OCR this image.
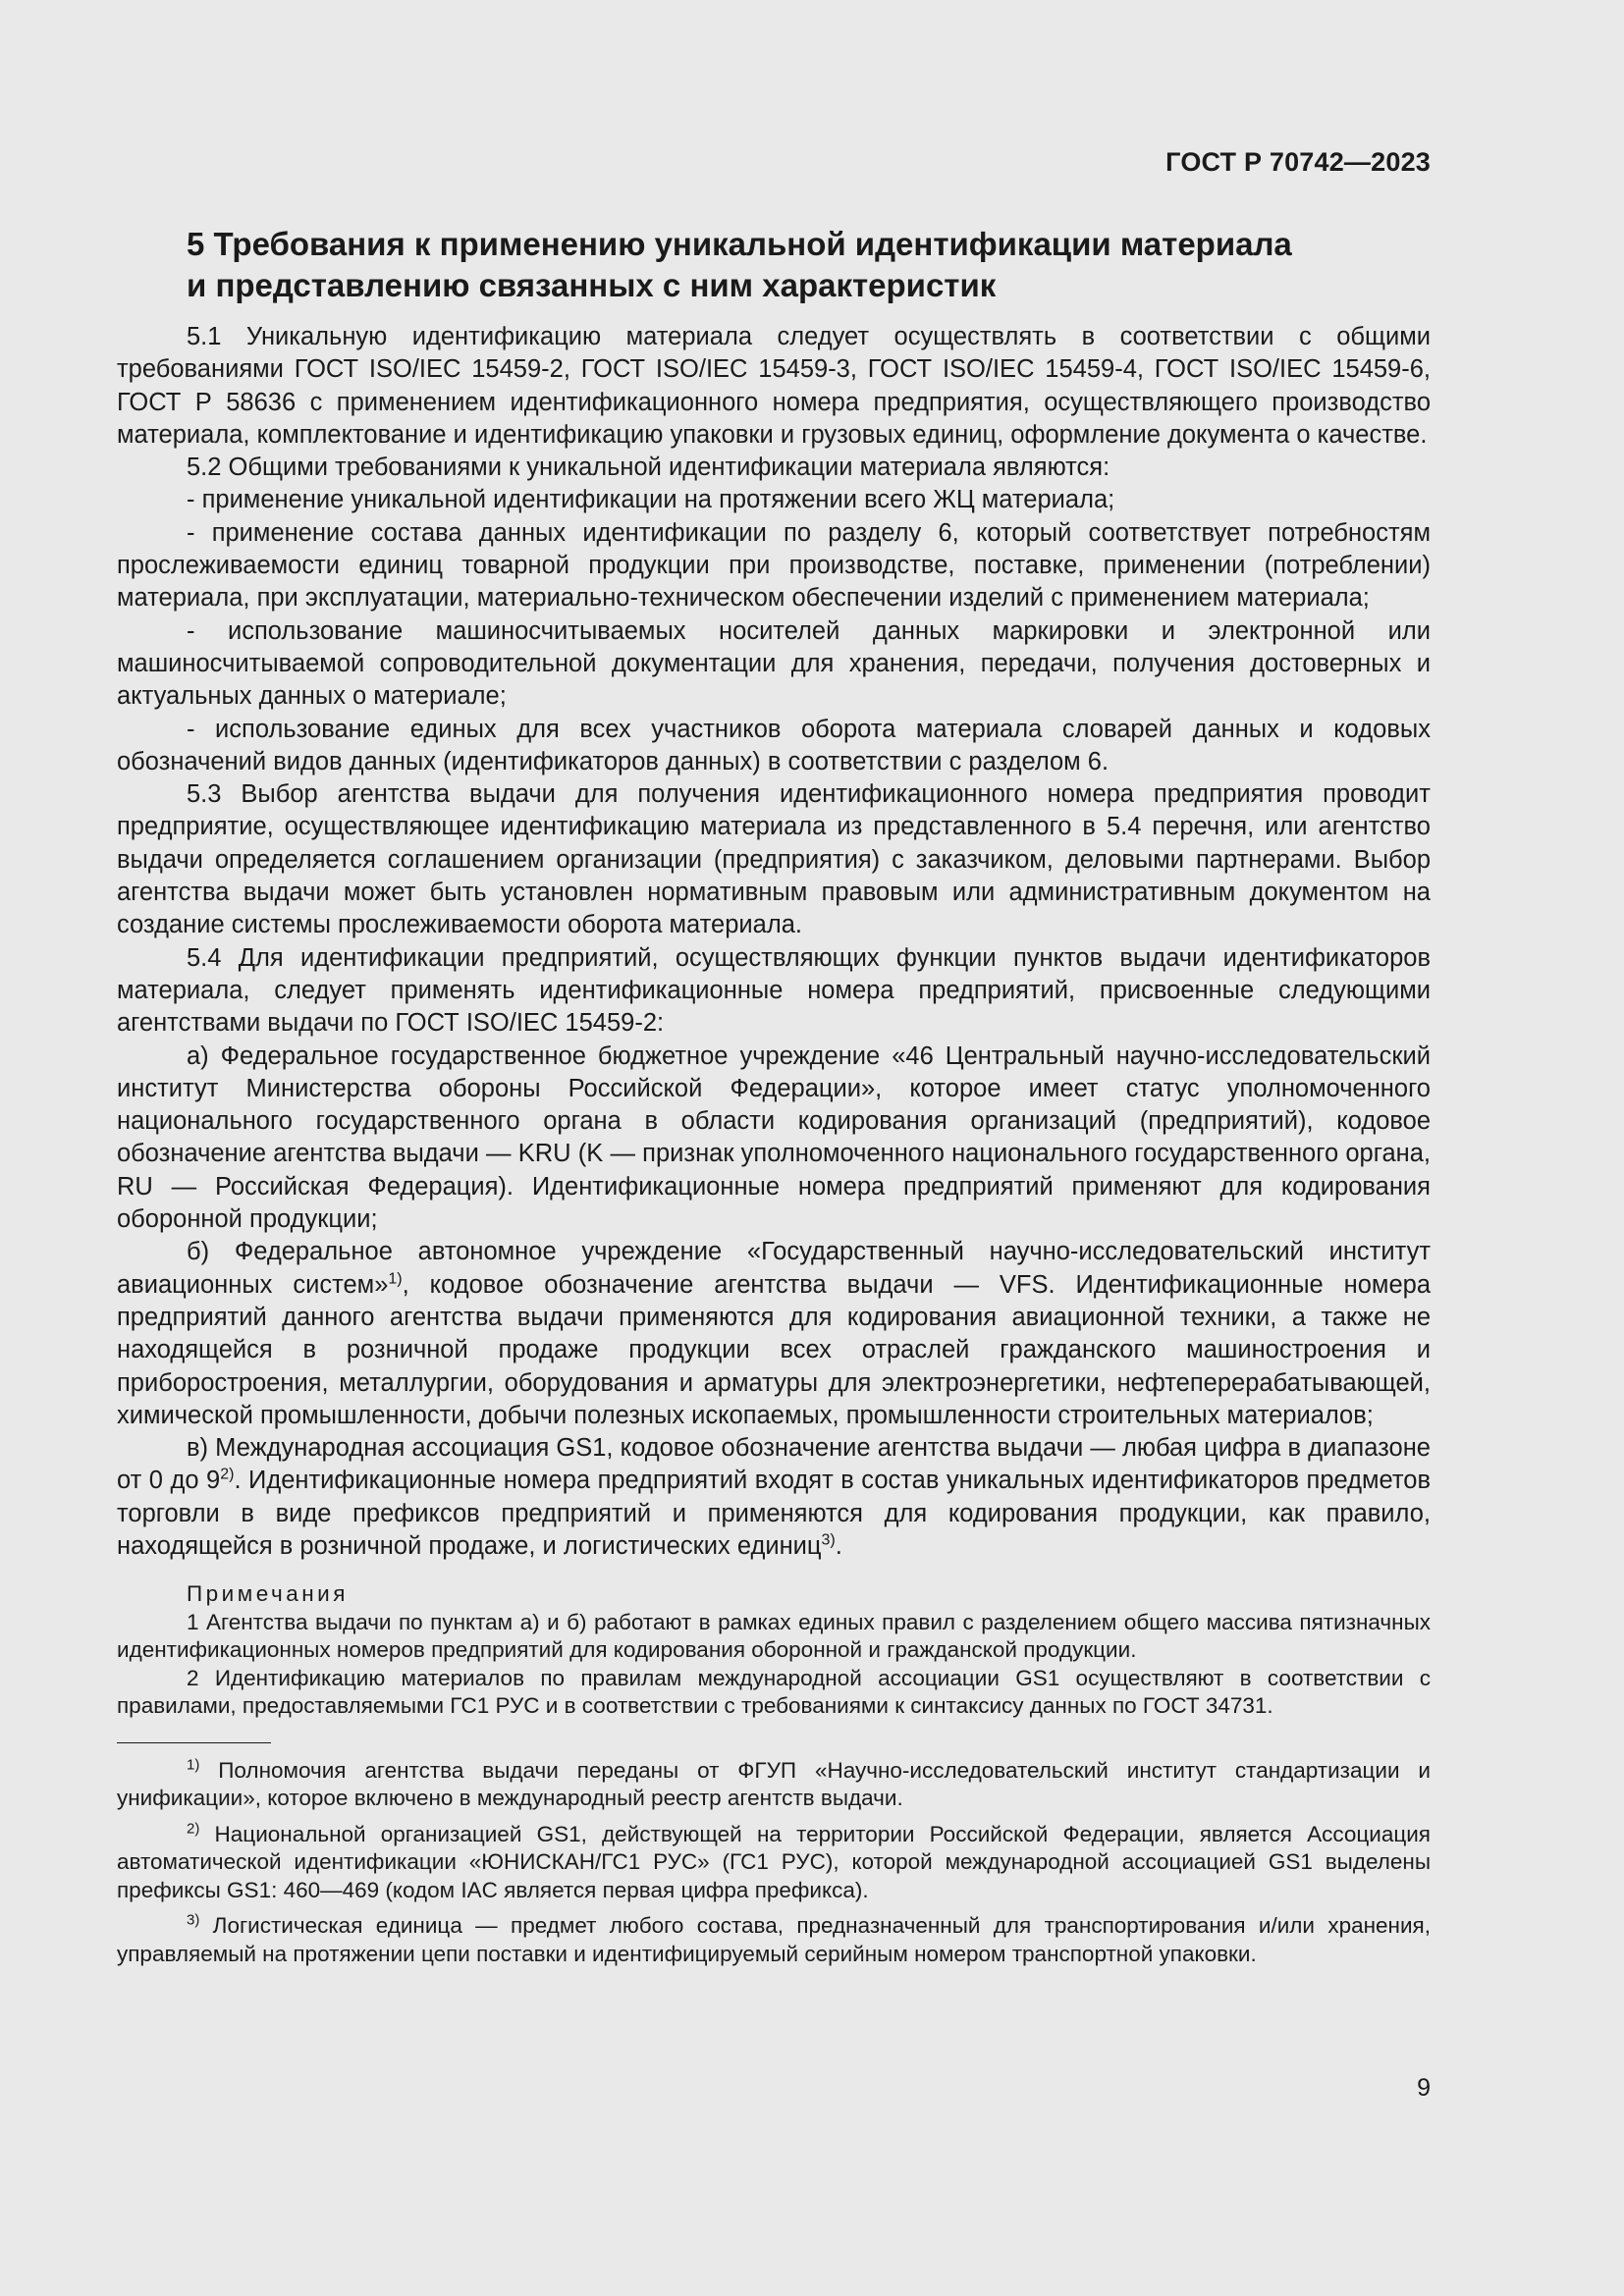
ГОСТ Р 70742—2023
5 Требования к применению уникальной идентификации материала
и представлению связанных с ним характеристик

5.1 Уникальную идентификацию материала следует осуществлять в соответствии с общими требованиями ГОСТ ISO/IEC 15459-2, ГОСТ ISO/IEC 15459-3, ГОСТ ISO/IEC 15459-4, ГОСТ ISO/IEC 15459-6, ГОСТ Р 58636 с применением идентификационного номера предприятия, осуществляющего производство материала, комплектование и идентификацию упаковки и грузовых единиц, оформление документа о качестве.

5.2 Общими требованиями к уникальной идентификации материала являются:

- применение уникальной идентификации на протяжении всего ЖЦ материала;

- применение состава данных идентификации по разделу 6, который соответствует потребностям прослеживаемости единиц товарной продукции при производстве, поставке, применении (потреблении) материала, при эксплуатации, материально-техническом обеспечении изделий с применением материала;

- использование машиносчитываемых носителей данных маркировки и электронной или машиносчитываемой сопроводительной документации для хранения, передачи, получения достоверных и актуальных данных о материале;

- использование единых для всех участников оборота материала словарей данных и кодовых обозначений видов данных (идентификаторов данных) в соответствии с разделом 6.

5.3 Выбор агентства выдачи для получения идентификационного номера предприятия проводит предприятие, осуществляющее идентификацию материала из представленного в 5.4 перечня, или агентство выдачи определяется соглашением организации (предприятия) с заказчиком, деловыми партнерами. Выбор агентства выдачи может быть установлен нормативным правовым или административным документом на создание системы прослеживаемости оборота материала.

5.4 Для идентификации предприятий, осуществляющих функции пунктов выдачи идентификаторов материала, следует применять идентификационные номера предприятий, присвоенные следующими агентствами выдачи по ГОСТ ISO/IEC 15459-2:

а) Федеральное государственное бюджетное учреждение «46 Центральный научно-исследовательский институт Министерства обороны Российской Федерации», которое имеет статус уполномоченного национального государственного органа в области кодирования организаций (предприятий), кодовое обозначение агентства выдачи — KRU (K — признак уполномоченного национального государственного органа, RU — Российская Федерация). Идентификационные номера предприятий применяют для кодирования оборонной продукции;

б) Федеральное автономное учреждение «Государственный научно-исследовательский институт авиационных систем»$^{1)}$, кодовое обозначение агентства выдачи — VFS. Идентификационные номера предприятий данного агентства выдачи применяются для кодирования авиационной техники, а также не находящейся в розничной продаже продукции всех отраслей гражданского машиностроения и приборостроения, металлургии, оборудования и арматуры для электроэнергетики, нефтеперерабатывающей, химической промышленности, добычи полезных ископаемых, промышленности строительных материалов;

в) Международная ассоциация GS1, кодовое обозначение агентства выдачи — любая цифра в диапазоне от 0 до 9$^{2)}$. Идентификационные номера предприятий входят в состав уникальных идентификаторов предметов торговли в виде префиксов предприятий и применяются для кодирования продукции, как правило, находящейся в розничной продаже, и логистических единиц$^{3)}$.

Примечания

1 Агентства выдачи по пунктам а) и б) работают в рамках единых правил с разделением общего массива пятизначных идентификационных номеров предприятий для кодирования оборонной и гражданской продукции.

2 Идентификацию материалов по правилам международной ассоциации GS1 осуществляют в соответствии с правилами, предоставляемыми ГС1 РУС и в соответствии с требованиями к синтаксису данных по ГОСТ 34731.

$^{1)}$ Полномочия агентства выдачи переданы от ФГУП «Научно-исследовательский институт стандартизации и унификации», которое включено в международный реестр агентств выдачи.

$^{2)}$ Национальной организацией GS1, действующей на территории Российской Федерации, является Ассоциация автоматической идентификации «ЮНИСКАН/ГС1 РУС» (ГС1 РУС), которой международной ассоциацией GS1 выделены префиксы GS1: 460—469 (кодом IAC является первая цифра префикса).

$^{3)}$ Логистическая единица — предмет любого состава, предназначенный для транспортирования и/или хранения, управляемый на протяжении цепи поставки и идентифицируемый серийным номером транспортной упаковки.

9
